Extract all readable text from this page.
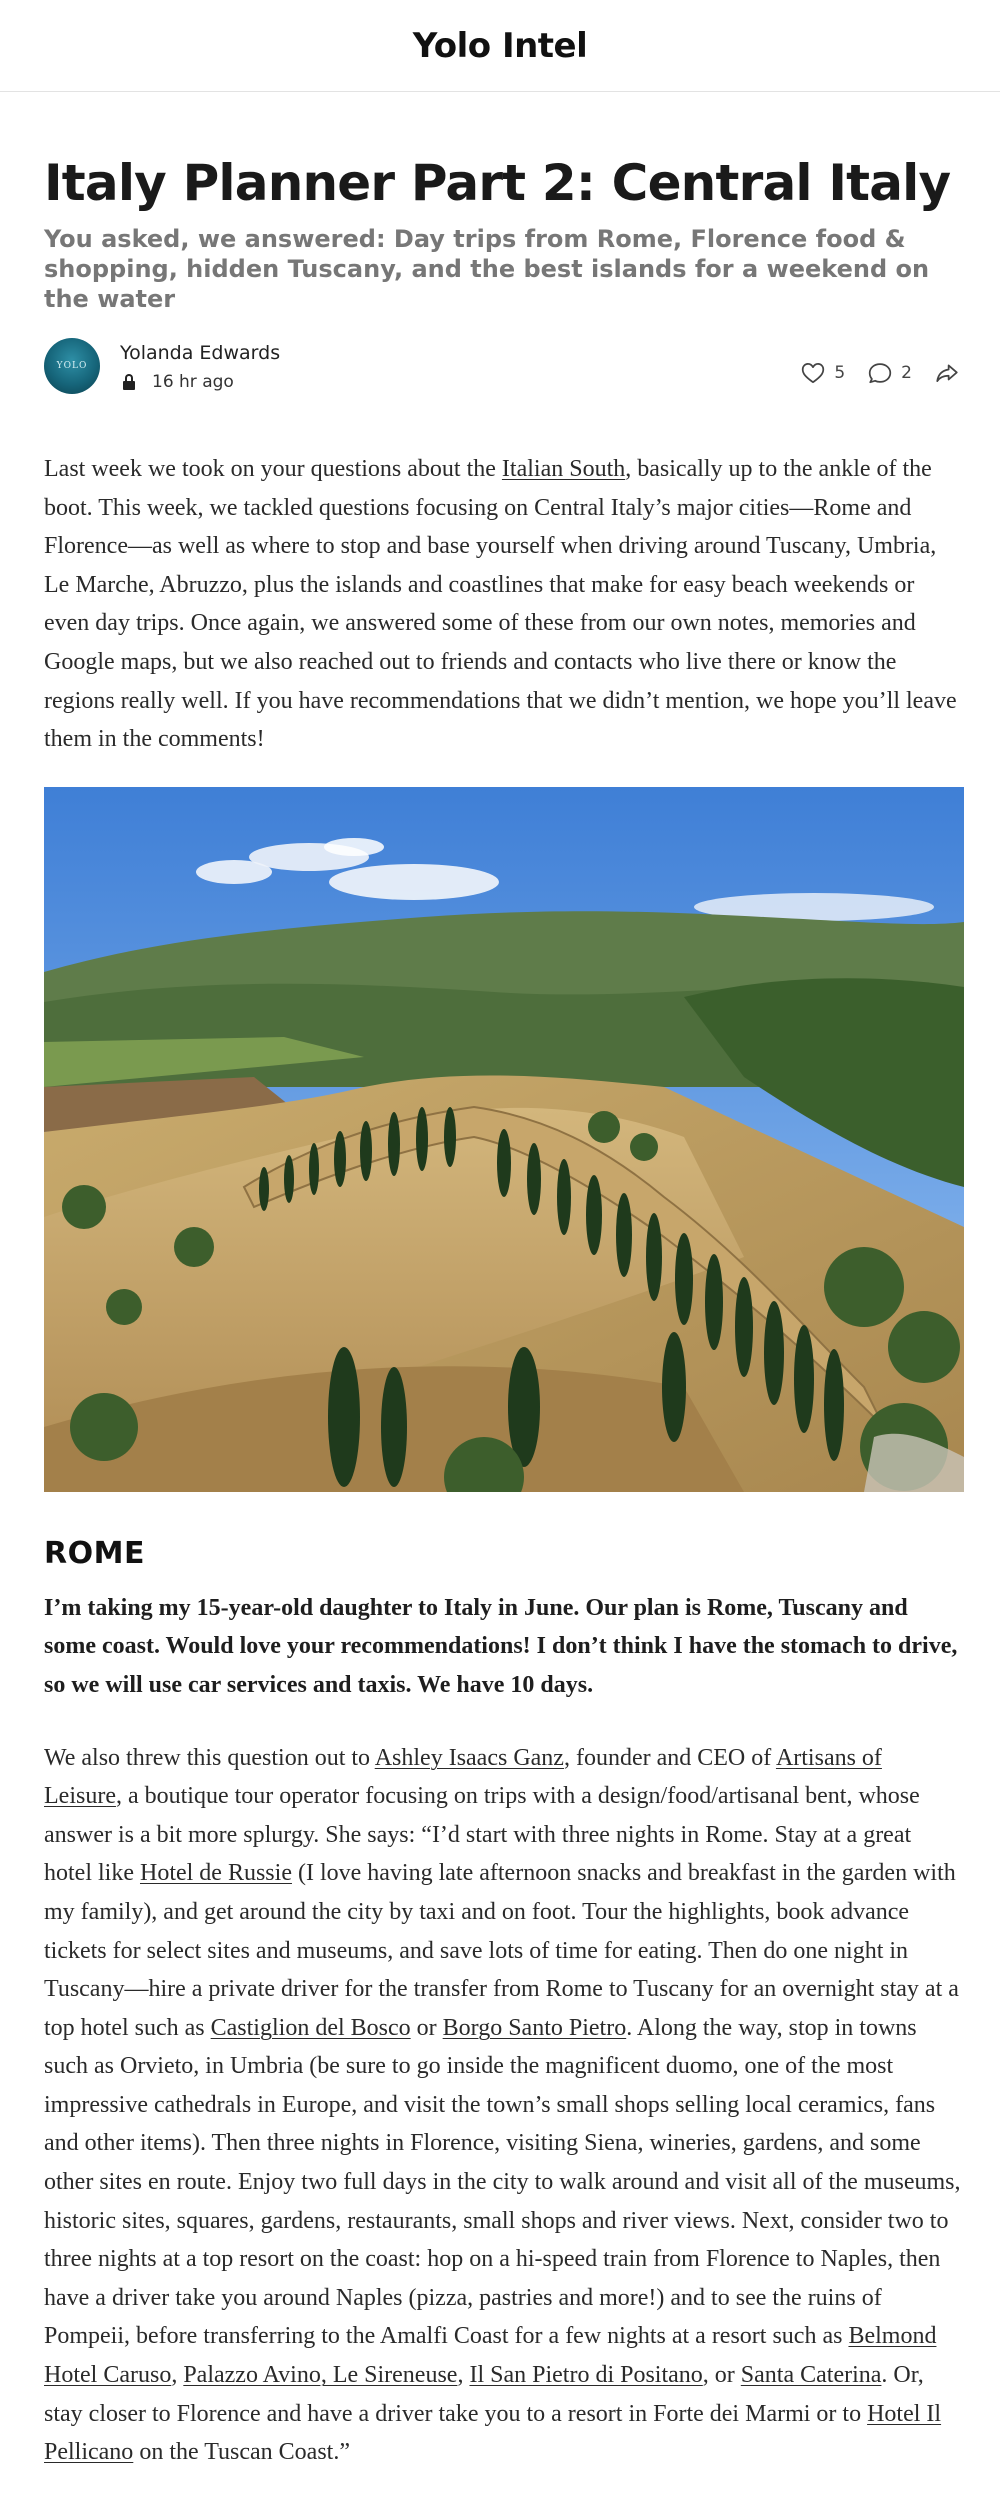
Yolo Intel
Italy Planner Part 2: Central Italy
You asked, we answered: Day trips from Rome, Florence food & shopping, hidden Tuscany, and the best islands for a weekend on the water
YOLO
Yolanda Edwards
16 hr ago	5	2

Last week we took on your questions about the Italian South, basically up to the ankle of the boot. This week, we tackled questions focusing on Central Italy’s major cities—Rome and Florence—as well as where to stop and base yourself when driving around Tuscany, Umbria, Le Marche, Abruzzo, plus the islands and coastlines that make for easy beach weekends or even day trips. Once again, we answered some of these from our own notes, memories and Google maps, but we also reached out to friends and contacts who live there or know the regions really well. If you have recommendations that we didn’t mention, we hope you’ll leave them in the comments!

ROME

I’m taking my 15-year-old daughter to Italy in June. Our plan is Rome, Tuscany and some coast. Would love your recommendations! I don’t think I have the stomach to drive, so we will use car services and taxis. We have 10 days.

We also threw this question out to Ashley Isaacs Ganz, founder and CEO of Artisans of Leisure, a boutique tour operator focusing on trips with a design/food/artisanal bent, whose answer is a bit more splurgy. She says: “I’d start with three nights in Rome. Stay at a great hotel like Hotel de Russie (I love having late afternoon snacks and breakfast in the garden with my family), and get around the city by taxi and on foot. Tour the highlights, book advance tickets for select sites and museums, and save lots of time for eating. Then do one night in Tuscany—hire a private driver for the transfer from Rome to Tuscany for an overnight stay at a top hotel such as Castiglion del Bosco or Borgo Santo Pietro. Along the way, stop in towns such as Orvieto, in Umbria (be sure to go inside the magnificent duomo, one of the most impressive cathedrals in Europe, and visit the town’s small shops selling local ceramics, fans and other items). Then three nights in Florence, visiting Siena, wineries, gardens, and some other sites en route. Enjoy two full days in the city to walk around and visit all of the museums, historic sites, squares, gardens, restaurants, small shops and river views. Next, consider two to three nights at a top resort on the coast: hop on a hi-speed train from Florence to Naples, then have a driver take you around Naples (pizza, pastries and more!) and to see the ruins of Pompeii, before transferring to the Amalfi Coast for a few nights at a resort such as Belmond Hotel Caruso, Palazzo Avino, Le Sireneuse, Il San Pietro di Positano, or Santa Caterina. Or, stay closer to Florence and have a driver take you to a resort in Forte dei Marmi or to Hotel Il Pellicano on the Tuscan Coast.”
